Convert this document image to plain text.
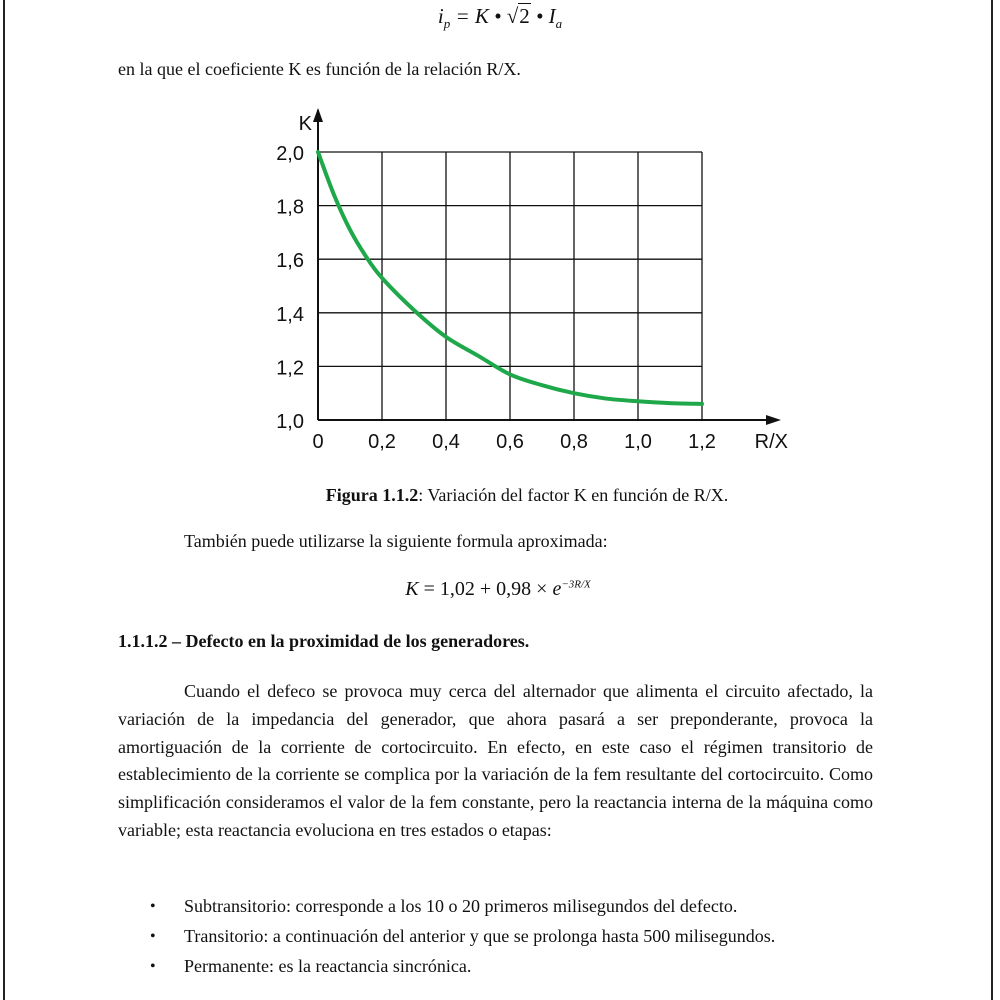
$i_p = K$ • √2 • $I_a$
en la que el coeficiente K es función de la relación R/X.
1,0
1,2
1,4
1,6
1,8
2,0
0 0,2 0,4 0,6 0,8 1,0 1,2
K
R/X
Figura 1.1.2: Variación del factor K en función de R/X.
También puede utilizarse la siguiente formula aproximada:
$K = 1,02 + 0,98 \times e^{-3R/X}$
1.1.1.2 – Defecto en la proximidad de los generadores.
Cuando el defeco se provoca muy cerca del alternador que alimenta el circuito afectado, la variación de la impedancia del generador, que ahora pasará a ser preponderante, provoca la amortiguación de la corriente de cortocircuito. En efecto, en este caso el régimen transitorio de establecimiento de la corriente se complica por la variación de la fem resultante del cortocircuito. Como simplificación consideramos el valor de la fem constante, pero la reactancia interna de la máquina como variable; esta reactancia evoluciona en tres estados o etapas:
• Subtransitorio: corresponde a los 10 o 20 primeros milisegundos del defecto.
• Transitorio: a continuación del anterior y que se prolonga hasta 500 milisegundos.
• Permanente: es la reactancia sincrónica.
